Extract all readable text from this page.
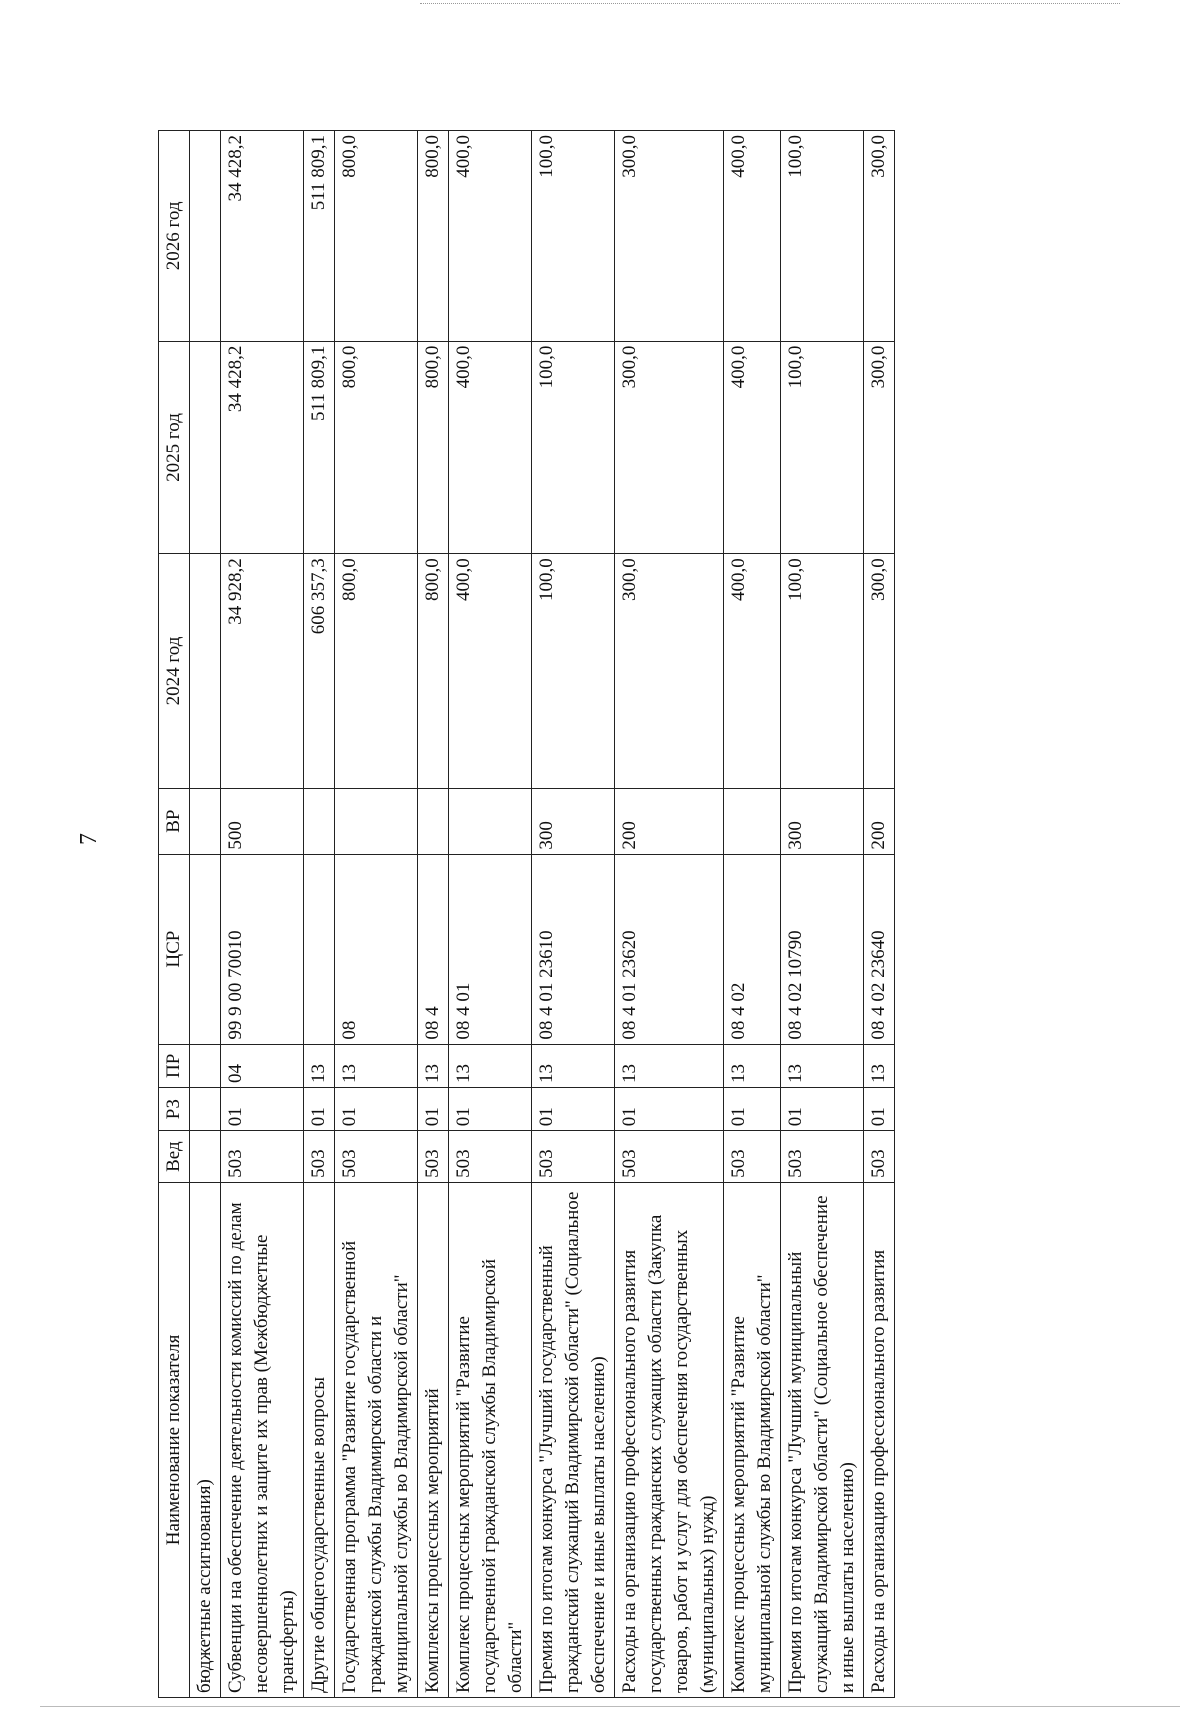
7
Наименование показателя	Вед	РЗ	ПР	ЦСР	ВР	2024 год	2025 год	2026 год
бюджетные ассигнования)								
Субвенции на обеспечение деятельности комиссий по делам несовершеннолетних и защите их прав (Межбюджетные трансферты)	503	01	04	99 9 00 70010	500	34 928,2	34 428,2	34 428,2
Другие общегосударственные вопросы	503	01	13			606 357,3	511 809,1	511 809,1
Государственная программа "Развитие государственной гражданской службы Владимирской области и муниципальной службы во Владимирской области"	503	01	13	08		800,0	800,0	800,0
Комплексы процессных мероприятий	503	01	13	08 4		800,0	800,0	800,0
Комплекс процессных мероприятий "Развитие государственной гражданской службы Владимирской области"	503	01	13	08 4 01		400,0	400,0	400,0
Премия по итогам конкурса "Лучший государственный гражданский служащий Владимирской области" (Социальное обеспечение и иные выплаты населению)	503	01	13	08 4 01 23610	300	100,0	100,0	100,0
Расходы на организацию профессионального развития государственных гражданских служащих области (Закупка товаров, работ и услуг для обеспечения государственных (муниципальных) нужд)	503	01	13	08 4 01 23620	200	300,0	300,0	300,0
Комплекс процессных мероприятий "Развитие муниципальной службы во Владимирской области"	503	01	13	08 4 02		400,0	400,0	400,0
Премия по итогам конкурса "Лучший муниципальный служащий Владимирской области" (Социальное обеспечение и иные выплаты населению)	503	01	13	08 4 02 10790	300	100,0	100,0	100,0
Расходы на организацию профессионального развития	503	01	13	08 4 02 23640	200	300,0	300,0	300,0
